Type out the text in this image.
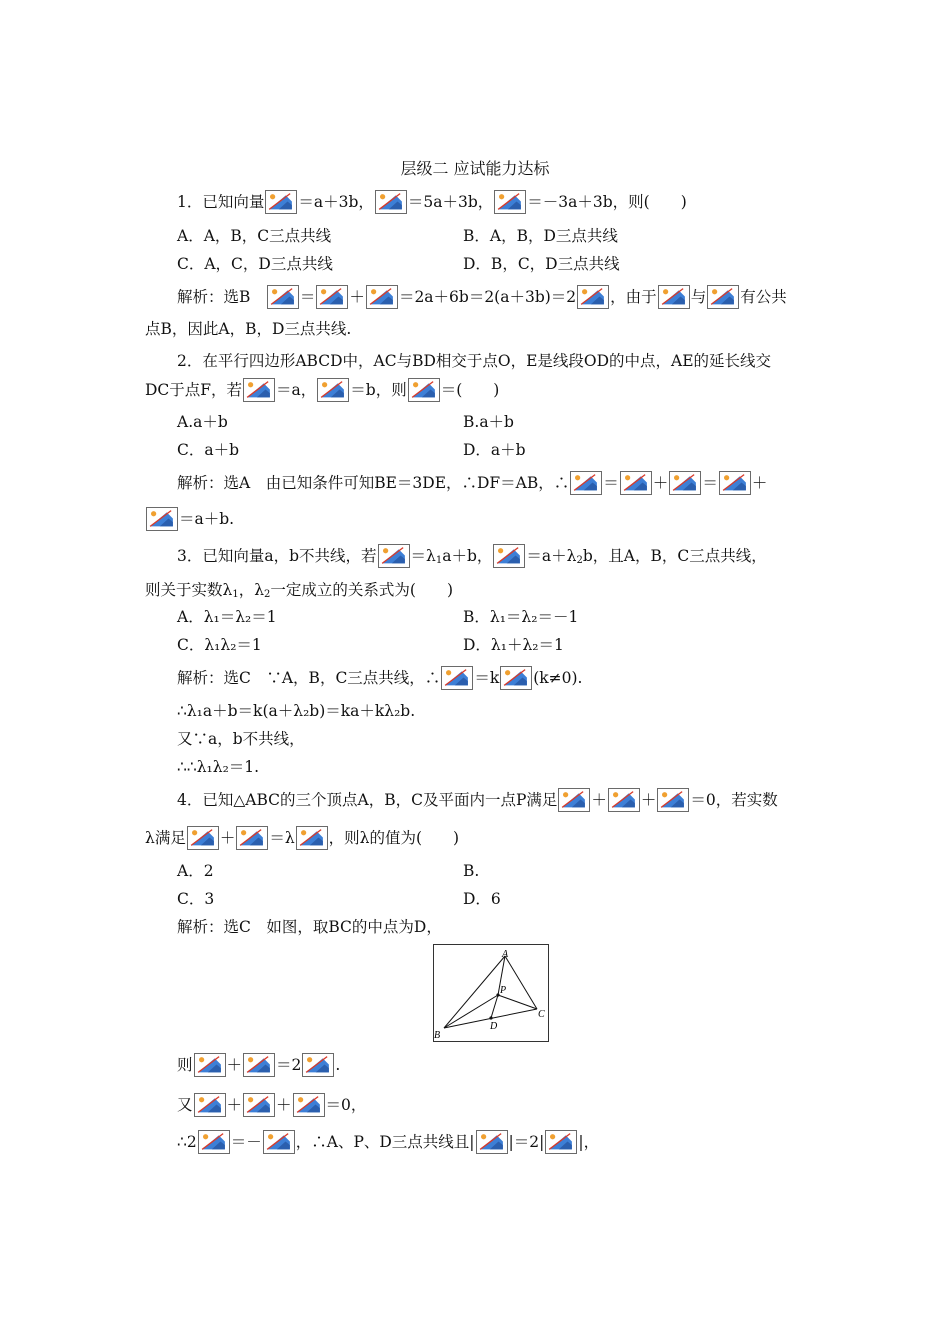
层级二 应试能力达标
1．已知向量 ＝a＋3b， ＝5a＋3b， ＝－3a＋3b，则(　　)
A．A，B，C三点共线	B．A，B，D三点共线
C．A，C，D三点共线	D．B，C，D三点共线
解析：选B　
＝ ＋ ＝2a＋6b＝2(a＋3b)＝2 ，由于 与 有公共
点B，因此A，B，D三点共线.
2．在平行四边形ABCD中，AC与BD相交于点O，E是线段OD的中点，AE的延长线交
DC于点F，若 ＝a， ＝b，则 ＝(　　)
A.a＋b	B.a＋b
C．a＋b	D．a＋b
解析：选A　由已知条件可知BE＝3DE，∴DF＝AB，∴ ＝ ＋ ＝ ＋
＝a＋b.
3．已知向量a，b不共线，若 $=\lambda_1a+b$， $=a+\lambda_2b$，且A，B，C三点共线，
则关于实数$\lambda_1$，$\lambda_2$一定成立的关系式为(　　)
A．λ₁＝λ₂＝1	B．λ₁＝λ₂＝－1
C．λ₁λ₂＝1	D．λ₁＋λ₂＝1
解析：选C　∵A，B，C三点共线，∴ ＝k (k≠0).
∴λ₁a＋b＝k(a＋λ₂b)＝ka＋kλ₂b.
又∵a，b不共线，
∴∴λ₁λ₂＝1.
4．已知△ABC的三个顶点A，B，C及平面内一点P满足 ＋ ＋ ＝0，若实数
λ满足 ＋ ＝λ ，则λ的值为(　　)
A．2	B.
C．3	D．6
解析：选C　如图，取BC的中点为D，
A
B
C
P
D
则 ＋ ＝2 .
又 ＋ ＋ ＝0，
∴2 ＝－ ，∴A、P、D三点共线且| |＝2| |，
